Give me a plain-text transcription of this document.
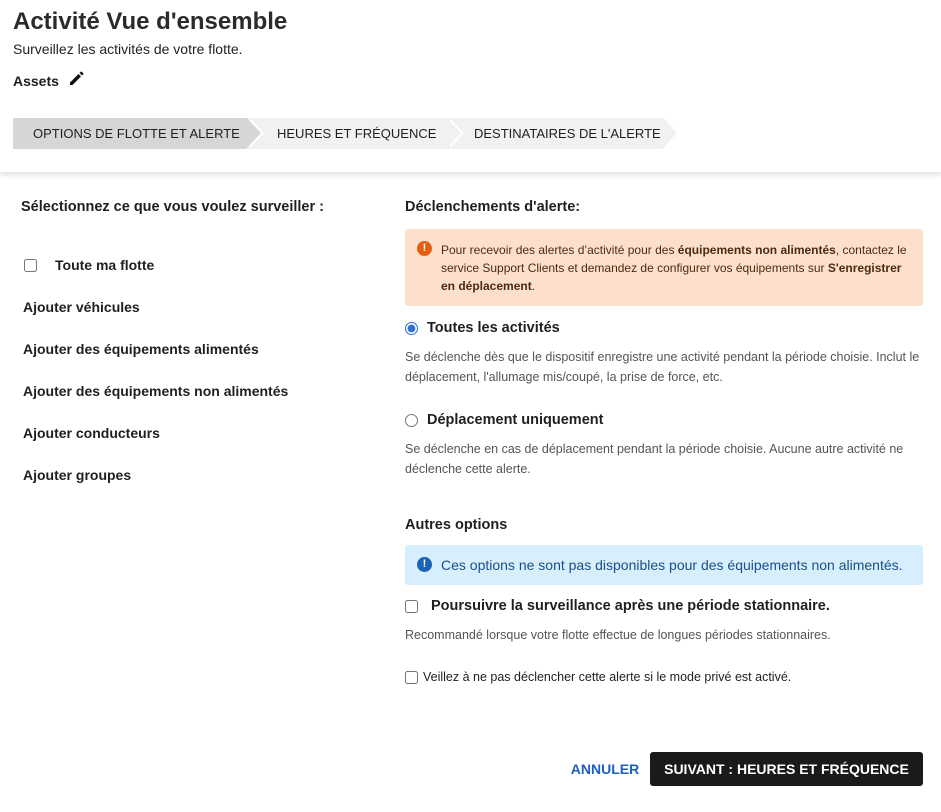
Activité Vue d'ensemble
Surveillez les activités de votre flotte.
Assets
OPTIONS DE FLOTTE ET ALERTE	HEURES ET FRÉQUENCE	DESTINATAIRES DE L'ALERTE
Sélectionnez ce que vous voulez surveiller :
Toute ma flotte
Ajouter véhicules
Ajouter des équipements alimentés
Ajouter des équipements non alimentés
Ajouter conducteurs
Ajouter groupes
Déclenchements d'alerte:
!	Pour recevoir des alertes d’activité pour des équipements non alimentés, contactez le service Support Clients et demandez de configurer vos équipements sur S'enregistrer en déplacement.
Toutes les activités
Se déclenche dès que le dispositif enregistre une activité pendant la période choisie. Inclut le déplacement, l'allumage mis/coupé, la prise de force, etc.
Déplacement uniquement
Se déclenche en cas de déplacement pendant la période choisie. Aucune autre activité ne déclenche cette alerte.
Autres options
!	Ces options ne sont pas disponibles pour des équipements non alimentés.
Poursuivre la surveillance après une période stationnaire.
Recommandé lorsque votre flotte effectue de longues périodes stationnaires.
Veillez à ne pas déclencher cette alerte si le mode privé est activé.
ANNULER	SUIVANT : HEURES ET FRÉQUENCE
